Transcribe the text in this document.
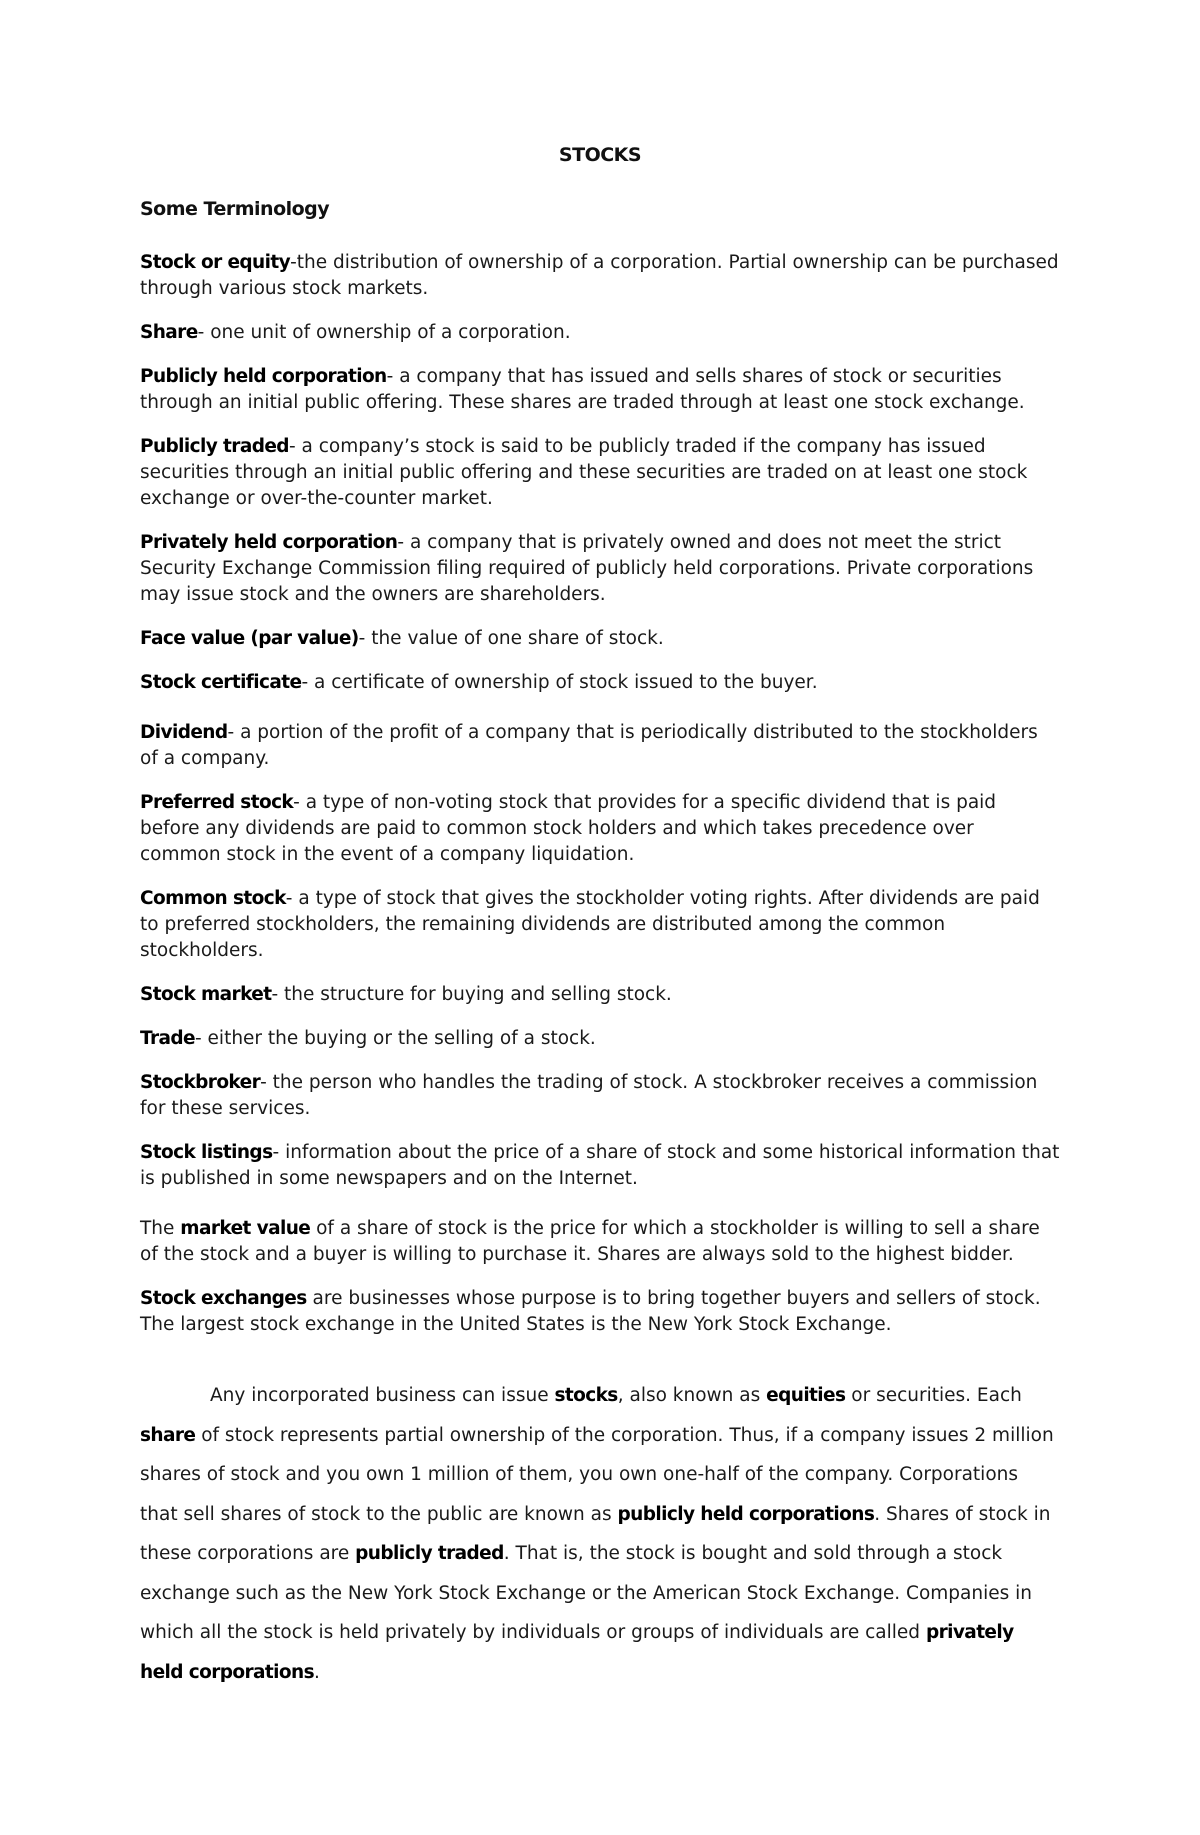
STOCKS
Some Terminology

Stock or equity-the distribution of ownership of a corporation. Partial ownership can be purchased through various stock markets.

Share- one unit of ownership of a corporation.

Publicly held corporation- a company that has issued and sells shares of stock or securities through an initial public offering. These shares are traded through at least one stock exchange.

Publicly traded- a company’s stock is said to be publicly traded if the company has issued securities through an initial public offering and these securities are traded on at least one stock exchange or over-the-counter market.

Privately held corporation- a company that is privately owned and does not meet the strict Security Exchange Commission filing required of publicly held corporations. Private corporations may issue stock and the owners are shareholders.

Face value (par value)- the value of one share of stock.

Stock certificate- a certificate of ownership of stock issued to the buyer.

Dividend- a portion of the profit of a company that is periodically distributed to the stockholders of a company.

Preferred stock- a type of non-voting stock that provides for a specific dividend that is paid before any dividends are paid to common stock holders and which takes precedence over common stock in the event of a company liquidation.

Common stock- a type of stock that gives the stockholder voting rights. After dividends are paid to preferred stockholders, the remaining dividends are distributed among the common stockholders.

Stock market- the structure for buying and selling stock.

Trade- either the buying or the selling of a stock.

Stockbroker- the person who handles the trading of stock. A stockbroker receives a commission for these services.

Stock listings- information about the price of a share of stock and some historical information that is published in some newspapers and on the Internet.

The market value of a share of stock is the price for which a stockholder is willing to sell a share of the stock and a buyer is willing to purchase it. Shares are always sold to the highest bidder.

Stock exchanges are businesses whose purpose is to bring together buyers and sellers of stock. The largest stock exchange in the United States is the New York Stock Exchange.

Any incorporated business can issue stocks, also known as equities or securities. Each share of stock represents partial ownership of the corporation. Thus, if a company issues 2 million shares of stock and you own 1 million of them, you own one-half of the company. Corporations that sell shares of stock to the public are known as publicly held corporations. Shares of stock in these corporations are publicly traded. That is, the stock is bought and sold through a stock exchange such as the New York Stock Exchange or the American Stock Exchange. Companies in which all the stock is held privately by individuals or groups of individuals are called privately held corporations.
